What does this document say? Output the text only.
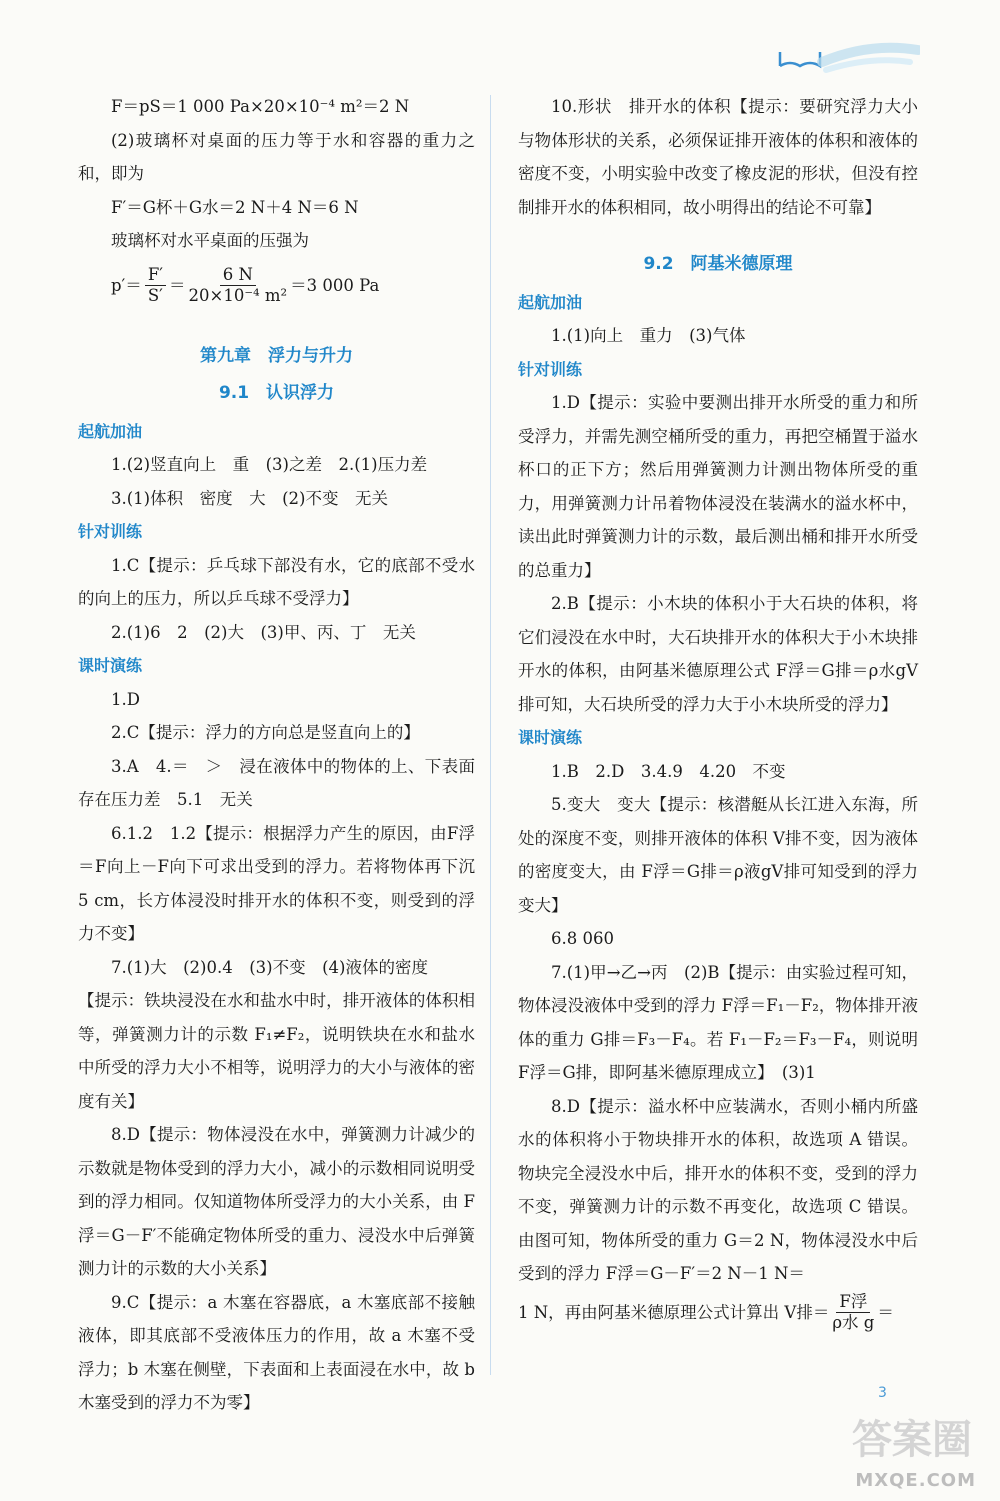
F＝pS＝1 000 Pa×20×10⁻⁴ m²＝2 N

(2)玻璃杯对桌面的压力等于水和容器的重力之和，即为

F′＝G杯＋G水＝2 N＋4 N＝6 N

玻璃杯对水平桌面的压强为

p′＝
F′
S′
＝
6 N
20×10⁻⁴ m²
＝3 000 Pa

第九章　浮力与升力

9.1　认识浮力

起航加油

1.(2)竖直向上　重　(3)之差　2.(1)压力差

3.(1)体积　密度　大　(2)不变　无关

针对训练

1.C【提示：乒乓球下部没有水，它的底部不受水的向上的压力，所以乒乓球不受浮力】

2.(1)6　2　(2)大　(3)甲、丙、丁　无关

课时演练

1.D

2.C【提示：浮力的方向总是竖直向上的】

3.A　4.＝　＞　浸在液体中的物体的上、下表面存在压力差　5.1　无关

6.1.2　1.2【提示：根据浮力产生的原因，由F浮＝F向上－F向下可求出受到的浮力。若将物体再下沉 5 cm，长方体浸没时排开水的体积不变，则受到的浮力不变】

7.(1)大　(2)0.4　(3)不变　(4)液体的密度

【提示：铁块浸没在水和盐水中时，排开液体的体积相等，弹簧测力计的示数 F₁≠F₂，说明铁块在水和盐水中所受的浮力大小不相等，说明浮力的大小与液体的密度有关】

8.D【提示：物体浸没在水中，弹簧测力计减少的示数就是物体受到的浮力大小，减小的示数相同说明受到的浮力相同。仅知道物体所受浮力的大小关系，由 F浮＝G－F′不能确定物体所受的重力、浸没水中后弹簧测力计的示数的大小关系】

9.C【提示：a 木塞在容器底，a 木塞底部不接触液体，即其底部不受液体压力的作用，故 a 木塞不受浮力；b 木塞在侧壁，下表面和上表面浸在水中，故 b 木塞受到的浮力不为零】

10.形状　排开水的体积【提示：要研究浮力大小与物体形状的关系，必须保证排开液体的体积和液体的密度不变，小明实验中改变了橡皮泥的形状，但没有控制排开水的体积相同，故小明得出的结论不可靠】

9.2　阿基米德原理

起航加油

1.(1)向上　重力　(3)气体

针对训练

1.D【提示：实验中要测出排开水所受的重力和所受浮力，并需先测空桶所受的重力，再把空桶置于溢水杯口的正下方；然后用弹簧测力计测出物体所受的重力，用弹簧测力计吊着物体浸没在装满水的溢水杯中，读出此时弹簧测力计的示数，最后测出桶和排开水所受的总重力】

2.B【提示：小木块的体积小于大石块的体积，将它们浸没在水中时，大石块排开水的体积大于小木块排开水的体积，由阿基米德原理公式 F浮＝G排＝ρ水gV排可知，大石块所受的浮力大于小木块所受的浮力】

课时演练

1.B　2.D　3.4.9　4.20　不变

5.变大　变大【提示：核潜艇从长江进入东海，所处的深度不变，则排开液体的体积 V排不变，因为液体的密度变大，由 F浮＝G排＝ρ液gV排可知受到的浮力变大】

6.8 060

7.(1)甲→乙→丙　(2)B【提示：由实验过程可知，物体浸没液体中受到的浮力 F浮＝F₁－F₂，物体排开液体的重力 G排＝F₃－F₄。若 F₁－F₂＝F₃－F₄，则说明 F浮＝G排，即阿基米德原理成立】　(3)1

8.D【提示：溢水杯中应装满水，否则小桶内所盛水的体积将小于物块排开水的体积，故选项 A 错误。物块完全浸没水中后，排开水的体积不变，受到的浮力不变，弹簧测力计的示数不再变化，故选项 C 错误。由图可知，物体所受的重力 G＝2 N，物体浸没水中后受到的浮力 F浮＝G－F′＝2 N－1 N＝

1 N，再由阿基米德原理公式计算出 V排＝
F浮
ρ水 g
＝
3
答案圈
MXQE.COM
